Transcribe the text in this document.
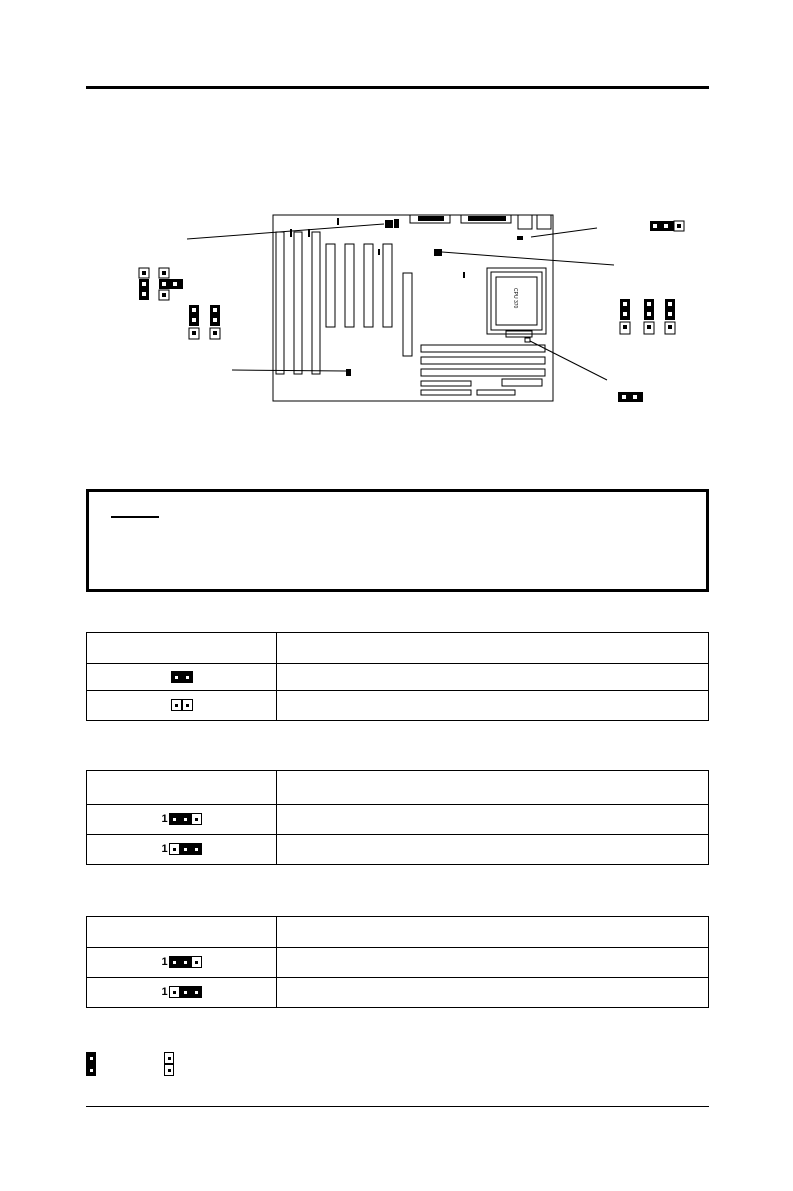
CPU 370

1	

1	

1	

1	
